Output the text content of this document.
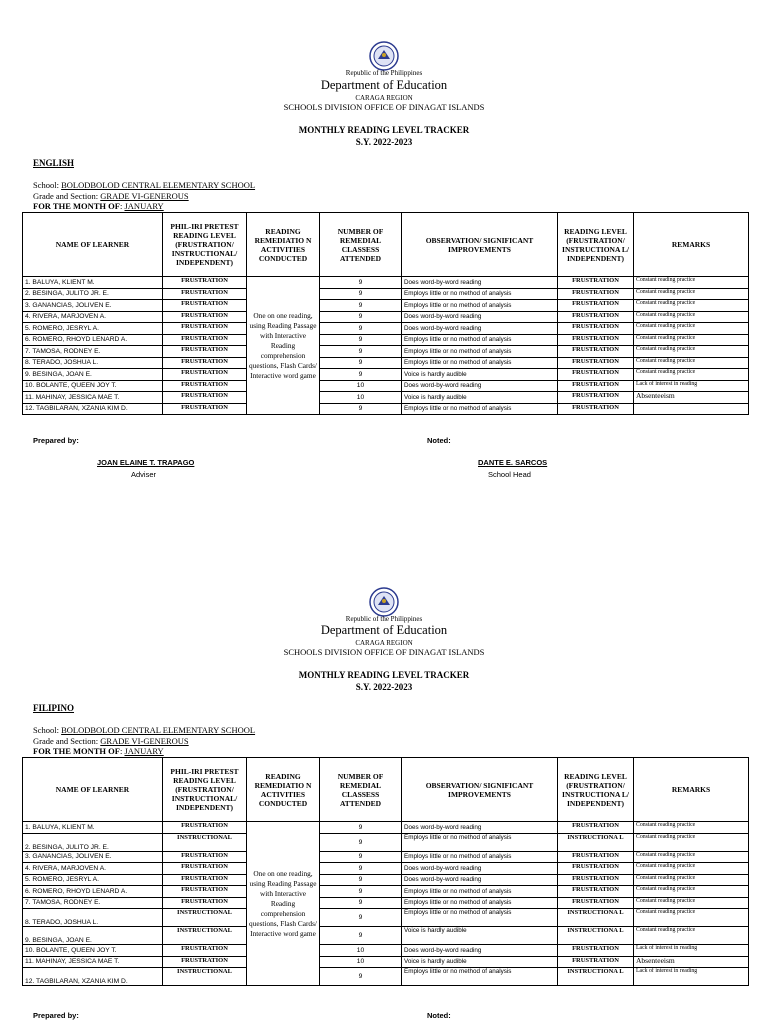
Republic of the Philippines
Department of Education
CARAGA REGION
SCHOOLS DIVISION OFFICE OF DINAGAT ISLANDS
MONTHLY READING LEVEL TRACKER
S.Y. 2022-2023
ENGLISH
School: BOLODBOLOD CENTRAL ELEMENTARY SCHOOL
Grade and Section: GRADE VI-GENEROUS
FOR THE MONTH OF: JANUARY
NAME OF LEARNER	PHIL-IRI PRETEST READING LEVEL (FRUSTRATION/ INSTRUCTIONAL/ INDEPENDENT)	READING REMEDIATIO N ACTIVITIES CONDUCTED	NUMBER OF REMEDIAL CLASSESS ATTENDED	OBSERVATION/ SIGNIFICANT IMPROVEMENTS	READING LEVEL (FRUSTRATION/ INSTRUCTIONA L/ INDEPENDENT)	REMARKS
1. BALUYA, KLIENT M.	FRUSTRATION	One on one reading, using Reading Passage with Interactive Reading comprehension questions, Flash Cards/ Interactive word game	9	Does word-by-word reading	FRUSTRATION	Constant reading practice
2. BESINGA, JULITO JR. E.	FRUSTRATION		9	Employs little or no method of analysis	FRUSTRATION	Constant reading practice
3. GANANCIAS, JOLIVEN E.	FRUSTRATION		9	Employs little or no method of analysis	FRUSTRATION	Constant reading practice
4. RIVERA, MARJOVEN A.	FRUSTRATION		9	Does word-by-word reading	FRUSTRATION	Constant reading practice
5. ROMERO, JESRYL A.	FRUSTRATION		9	Does word-by-word reading	FRUSTRATION	Constant reading practice
6. ROMERO, RHOYD LENARD A.	FRUSTRATION		9	Employs little or no method of analysis	FRUSTRATION	Constant reading practice
7. TAMOSA, RODNEY E.	FRUSTRATION		9	Employs little or no method of analysis	FRUSTRATION	Constant reading practice
8. TERADO, JOSHUA L.	FRUSTRATION		9	Employs little or no method of analysis	FRUSTRATION	Constant reading practice
9. BESINGA, JOAN E.	FRUSTRATION		9	Voice is hardly audible	FRUSTRATION	Constant reading practice
10. BOLANTE, QUEEN JOY T.	FRUSTRATION		10	Does word-by-word reading	FRUSTRATION	Lack of interest in reading
11. MAHINAY, JESSICA MAE T.	FRUSTRATION		10	Voice is hardly audible	FRUSTRATION	Absenteeism
12. TAGBILARAN, XZANIA KIM D.	FRUSTRATION		9	Employs little or no method of analysis	FRUSTRATION	
Prepared by:	Noted:
JOAN ELAINE T. TRAPAGO
Adviser
DANTE E. SARCOS
School Head
Republic of the Philippines
Department of Education
CARAGA REGION
SCHOOLS DIVISION OFFICE OF DINAGAT ISLANDS
MONTHLY READING LEVEL TRACKER
S.Y. 2022-2023
FILIPINO
School: BOLODBOLOD CENTRAL ELEMENTARY SCHOOL
Grade and Section: GRADE VI-GENEROUS
FOR THE MONTH OF: JANUARY
NAME OF LEARNER	PHIL-IRI PRETEST READING LEVEL (FRUSTRATION/ INSTRUCTIONAL/ INDEPENDENT)	READING REMEDIATIO N ACTIVITIES CONDUCTED	NUMBER OF REMEDIAL CLASSESS ATTENDED	OBSERVATION/ SIGNIFICANT IMPROVEMENTS	READING LEVEL (FRUSTRATION/ INSTRUCTIONA L/ INDEPENDENT)	REMARKS
1. BALUYA, KLIENT M.	FRUSTRATION	One on one reading, using Reading Passage with Interactive Reading comprehension questions, Flash Cards/ Interactive word game	9	Does word-by-word reading	FRUSTRATION	Constant reading practice
2. BESINGA, JULITO JR. E.	INSTRUCTIONAL		9	Employs little or no method of analysis	INSTRUCTIONA L	Constant reading practice
3. GANANCIAS, JOLIVEN E.	FRUSTRATION		9	Employs little or no method of analysis	FRUSTRATION	Constant reading practice
4. RIVERA, MARJOVEN A.	FRUSTRATION		9	Does word-by-word reading	FRUSTRATION	Constant reading practice
5. ROMERO, JESRYL A.	FRUSTRATION		9	Does word-by-word reading	FRUSTRATION	Constant reading practice
6. ROMERO, RHOYD LENARD A.	FRUSTRATION		9	Employs little or no method of analysis	FRUSTRATION	Constant reading practice
7. TAMOSA, RODNEY E.	FRUSTRATION		9	Employs little or no method of analysis	FRUSTRATION	Constant reading practice
8. TERADO, JOSHUA L.	INSTRUCTIONAL		9	Employs little or no method of analysis	INSTRUCTIONA L	Constant reading practice
9. BESINGA, JOAN E.	INSTRUCTIONAL		9	Voice is hardly audible	INSTRUCTIONA L	Constant reading practice
10. BOLANTE, QUEEN JOY T.	FRUSTRATION		10	Does word-by-word reading	FRUSTRATION	Lack of interest in reading
11. MAHINAY, JESSICA MAE T.	FRUSTRATION		10	Voice is hardly audible	FRUSTRATION	Absenteeism
12. TAGBILARAN, XZANIA KIM D.	INSTRUCTIONAL		9	Employs little or no method of analysis	INSTRUCTIONA L	Lack of interest in reading
Prepared by:	Noted:
